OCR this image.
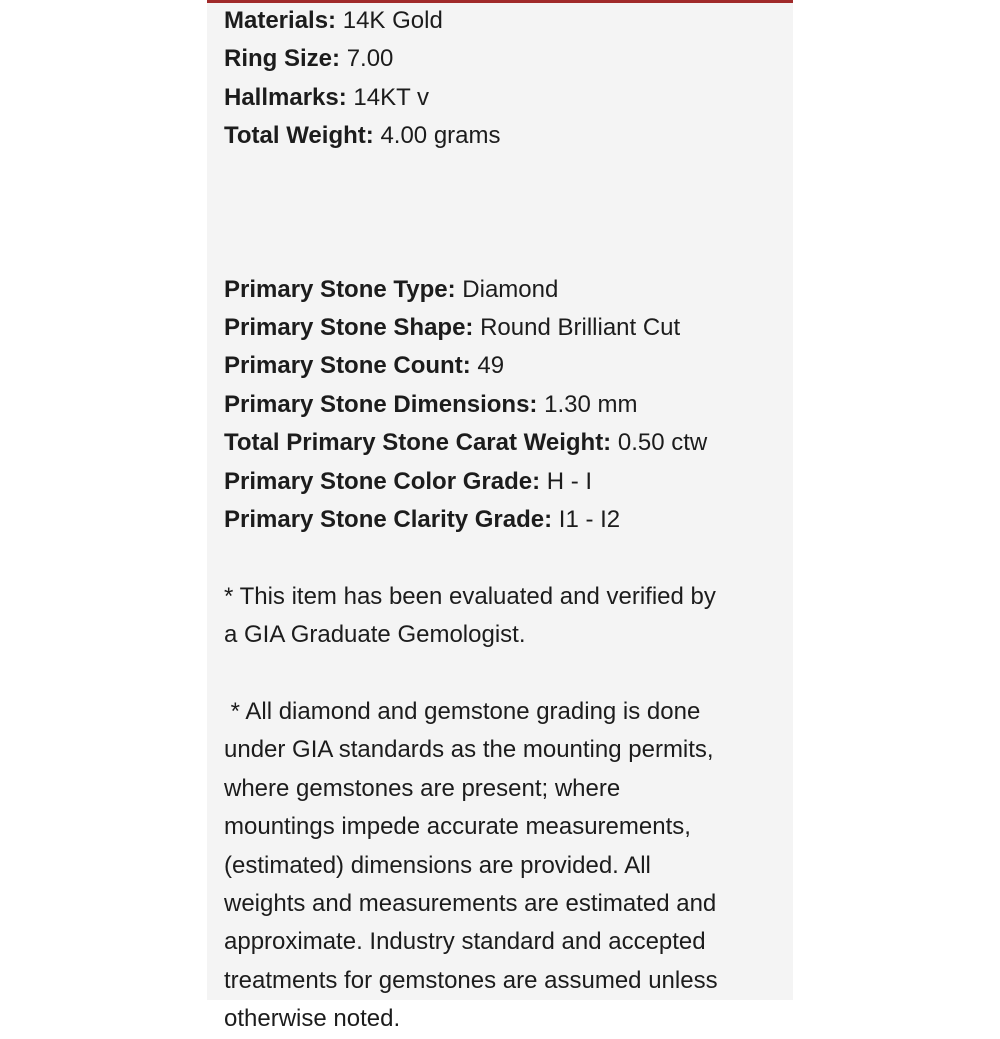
Materials: 14K Gold
Ring Size: 7.00
Hallmarks: 14KT v
Total Weight: 4.00 grams
Primary Stone Type: Diamond
Primary Stone Shape: Round Brilliant Cut
Primary Stone Count: 49
Primary Stone Dimensions: 1.30 mm
Total Primary Stone Carat Weight: 0.50 ctw
Primary Stone Color Grade: H - I
Primary Stone Clarity Grade: I1 - I2
* This item has been evaluated and verified by
a GIA Graduate Gemologist.
* All diamond and gemstone grading is done
under GIA standards as the mounting permits,
where gemstones are present; where
mountings impede accurate measurements,
(estimated) dimensions are provided. All
weights and measurements are estimated and
approximate. Industry standard and accepted
treatments for gemstones are assumed unless
otherwise noted.
